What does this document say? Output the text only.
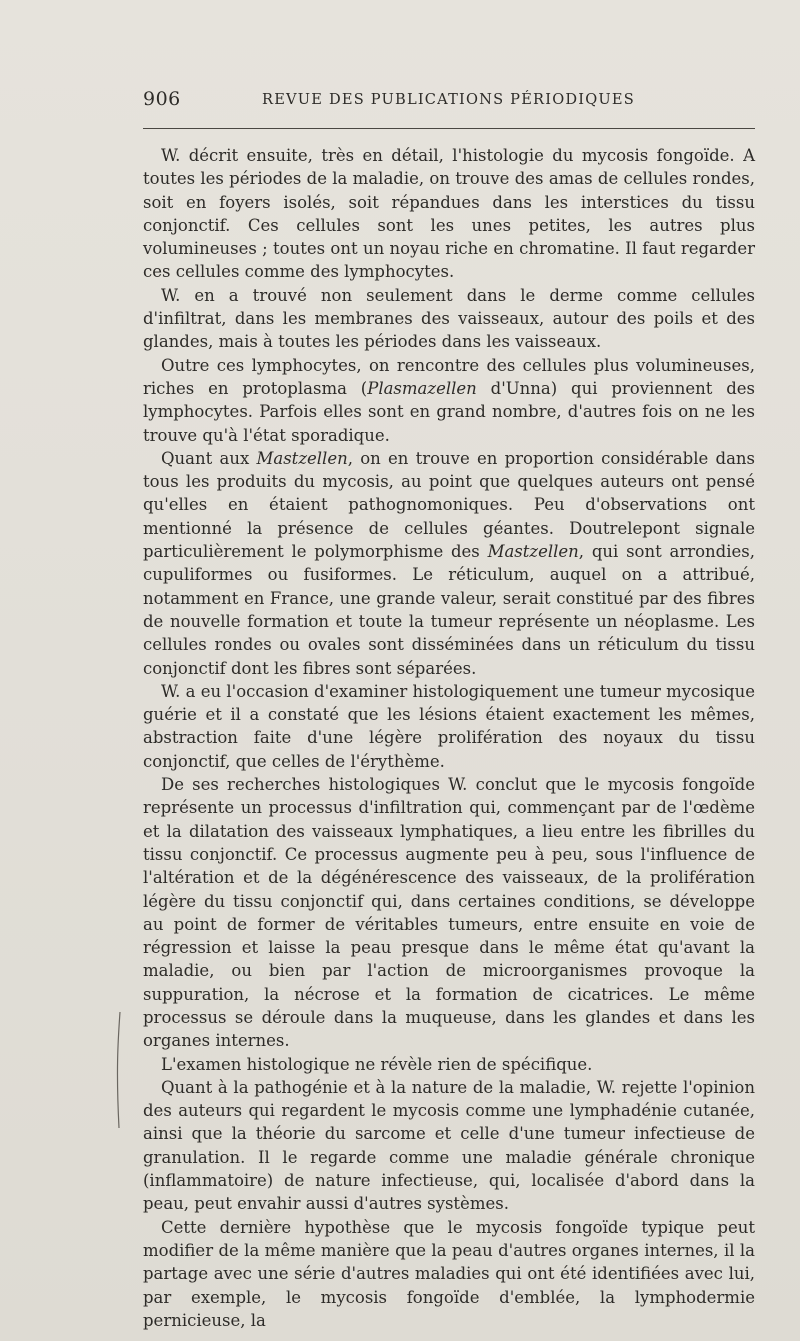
906	REVUE DES PUBLICATIONS PÉRIODIQUES

W. décrit ensuite, très en détail, l'histologie du mycosis fongoïde. A toutes les périodes de la maladie, on trouve des amas de cellules rondes, soit en foyers isolés, soit répandues dans les interstices du tissu conjonctif. Ces cellules sont les unes petites, les autres plus volumineuses ; toutes ont un noyau riche en chromatine. Il faut regarder ces cellules comme des lymphocytes.

W. en a trouvé non seulement dans le derme comme cellules d'infiltrat, dans les membranes des vaisseaux, autour des poils et des glandes, mais à toutes les périodes dans les vaisseaux.

Outre ces lymphocytes, on rencontre des cellules plus volumineuses, riches en protoplasma (Plasmazellen d'Unna) qui proviennent des lymphocytes. Parfois elles sont en grand nombre, d'autres fois on ne les trouve qu'à l'état sporadique.

Quant aux Mastzellen, on en trouve en proportion considérable dans tous les produits du mycosis, au point que quelques auteurs ont pensé qu'elles en étaient pathognomoniques. Peu d'observations ont mentionné la présence de cellules géantes. Doutrelepont signale particulièrement le polymorphisme des Mastzellen, qui sont arrondies, cupuliformes ou fusiformes. Le réticulum, auquel on a attribué, notamment en France, une grande valeur, serait constitué par des fibres de nouvelle formation et toute la tumeur représente un néoplasme. Les cellules rondes ou ovales sont disséminées dans un réticulum du tissu conjonctif dont les fibres sont séparées.

W. a eu l'occasion d'examiner histologiquement une tumeur mycosique guérie et il a constaté que les lésions étaient exactement les mêmes, abstraction faite d'une légère prolifération des noyaux du tissu conjonctif, que celles de l'érythème.

De ses recherches histologiques W. conclut que le mycosis fongoïde représente un processus d'infiltration qui, commençant par de l'œdème et la dilatation des vaisseaux lymphatiques, a lieu entre les fibrilles du tissu conjonctif. Ce processus augmente peu à peu, sous l'influence de l'altération et de la dégénérescence des vaisseaux, de la prolifération légère du tissu conjonctif qui, dans certaines conditions, se développe au point de former de véritables tumeurs, entre ensuite en voie de régression et laisse la peau presque dans le même état qu'avant la maladie, ou bien par l'action de microorganismes provoque la suppuration, la nécrose et la formation de cicatrices. Le même processus se déroule dans la muqueuse, dans les glandes et dans les organes internes.

L'examen histologique ne révèle rien de spécifique.

Quant à la pathogénie et à la nature de la maladie, W. rejette l'opinion des auteurs qui regardent le mycosis comme une lymphadénie cutanée, ainsi que la théorie du sarcome et celle d'une tumeur infectieuse de granulation. Il le regarde comme une maladie générale chronique (inflammatoire) de nature infectieuse, qui, localisée d'abord dans la peau, peut envahir aussi d'autres systèmes.

Cette dernière hypothèse que le mycosis fongoïde typique peut modifier de la même manière que la peau d'autres organes internes, il la partage avec une série d'autres maladies qui ont été identifiées avec lui, par exemple, le mycosis fongoïde d'emblée, la lymphodermie pernicieuse, la
